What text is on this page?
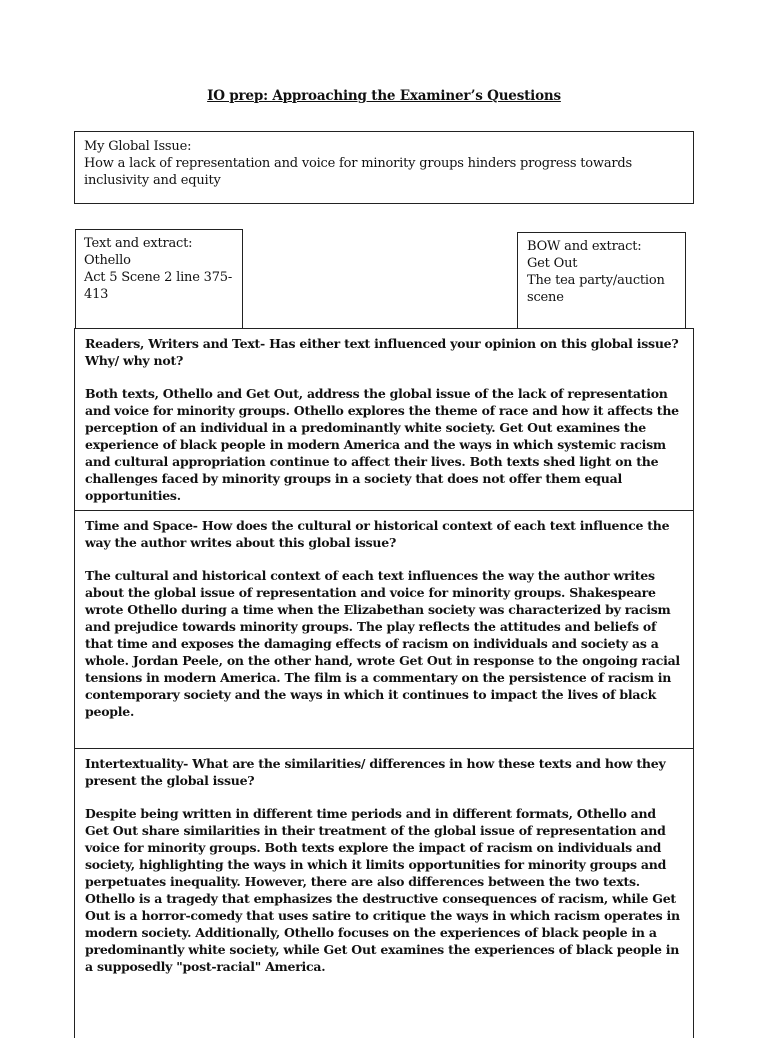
IO prep: Approaching the Examiner’s Questions
My Global Issue:
How a lack of representation and voice for minority groups hinders progress towards inclusivity and equity
Text and extract:
Othello
Act 5 Scene 2 line 375-
413
BOW and extract:
Get Out
The tea party/auction
scene

Readers, Writers and Text- Has either text influenced your opinion on this global issue? Why/ why not?

Both texts, Othello and Get Out, address the global issue of the lack of representation and voice for minority groups. Othello explores the theme of race and how it affects the perception of an individual in a predominantly white society. Get Out examines the experience of black people in modern America and the ways in which systemic racism and cultural appropriation continue to affect their lives. Both texts shed light on the challenges faced by minority groups in a society that does not offer them equal opportunities.

Time and Space- How does the cultural or historical context of each text influence the way the author writes about this global issue?

The cultural and historical context of each text influences the way the author writes about the global issue of representation and voice for minority groups. Shakespeare wrote Othello during a time when the Elizabethan society was characterized by racism and prejudice towards minority groups. The play reflects the attitudes and beliefs of that time and exposes the damaging effects of racism on individuals and society as a whole. Jordan Peele, on the other hand, wrote Get Out in response to the ongoing racial tensions in modern America. The film is a commentary on the persistence of racism in contemporary society and the ways in which it continues to impact the lives of black people.

Intertextuality- What are the similarities/ differences in how these texts and how they present the global issue?

Despite being written in different time periods and in different formats, Othello and Get Out share similarities in their treatment of the global issue of representation and voice for minority groups. Both texts explore the impact of racism on individuals and society, highlighting the ways in which it limits opportunities for minority groups and perpetuates inequality. However, there are also differences between the two texts. Othello is a tragedy that emphasizes the destructive consequences of racism, while Get Out is a horror-comedy that uses satire to critique the ways in which racism operates in modern society. Additionally, Othello focuses on the experiences of black people in a predominantly white society, while Get Out examines the experiences of black people in a supposedly "post-racial" America.
